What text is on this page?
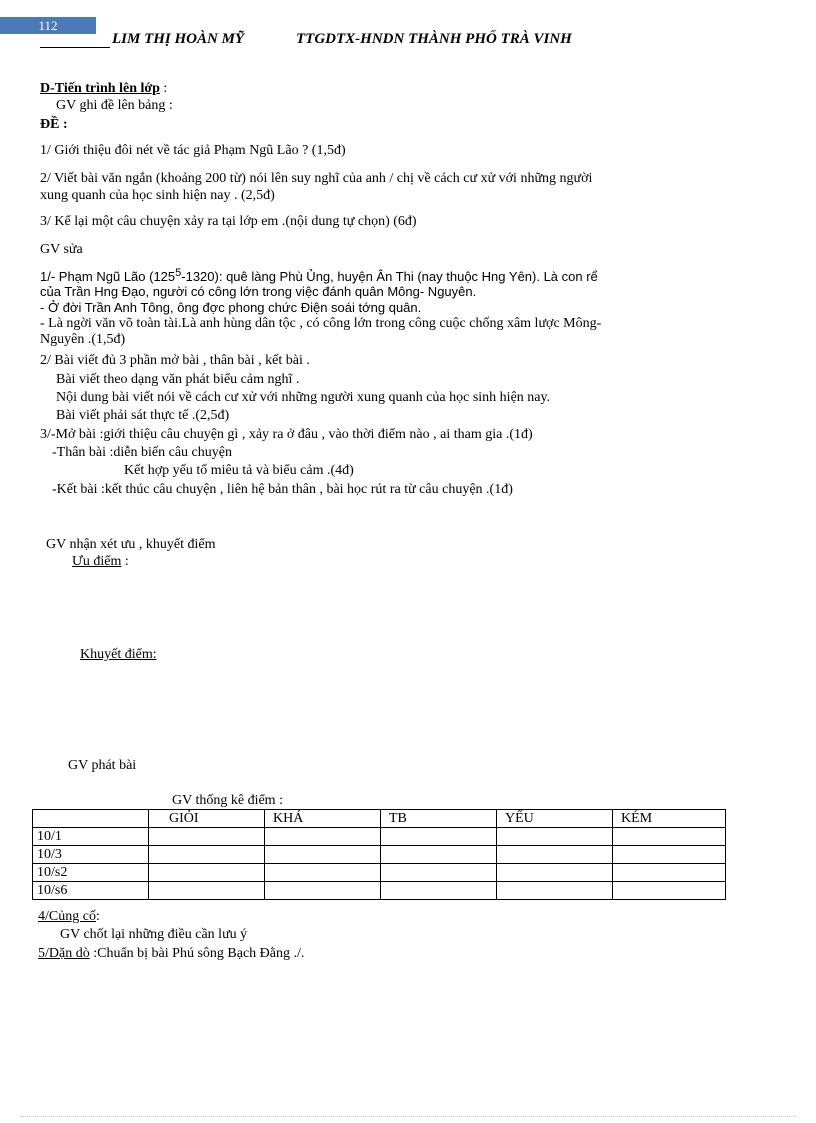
112
LIM THỊ HOÀN MỸ	TTGDTX-HNDN THÀNH PHỐ TRÀ VINH
D-Tiến trình lên lớp :
GV ghi đề lên bảng :
ĐỀ :
1/ Giới thiệu đôi nét về tác giả Phạm Ngũ Lão ? (1,5đ)
2/ Viết bài văn ngắn (khoảng 200 từ) nói lên suy nghĩ của anh / chị về cách cư xử với những người
xung quanh của học sinh hiện nay . (2,5đ)
3/ Kể lại một câu chuyện xảy ra tại lớp em .(nội dung tự chọn) (6đ)
GV sửa
1/- Phạm Ngũ Lão $(125^5-1320)$: quê làng Phù Ủng, huyện Ân Thi (nay thuộc Hng Yên). Là con rể
của Trần Hng Đạo, người có công lớn trong việc đánh quân Mông- Nguyên.
- Ở đời Trần Anh Tông, ông đợc phong chức Điện soái tớng quân.
- Là ngời văn võ toàn tài.Là anh hùng dân tộc , có công lớn trong công cuộc chống xâm lược Mông-
Nguyên .(1,5đ)
2/ Bài viết đủ 3 phần mở bài , thân bài , kết bài .
Bài viết theo dạng văn phát biểu cảm nghĩ .
Nội dung bài viết nói về cách cư xử với những người xung quanh của học sinh hiện nay.
Bài viết phải sát thực tế .(2,5đ)
3/-Mở bài :giới thiệu câu chuyện gì , xảy ra ở đâu , vào thời điểm nào , ai tham gia .(1đ)
-Thân bài :diễn biến câu chuyện
Kết hợp yếu tố miêu tả và biểu cảm .(4đ)
-Kết bài :kết thúc câu chuyện , liên hệ bản thân , bài học rút ra từ câu chuyện .(1đ)
GV nhận xét ưu , khuyết điểm
Ưu điểm :
Khuyết điểm:
GV phát bài
GV thống kê điểm :
	GIỎI	KHÁ	TB	YẾU	KÉM
10/1					
10/3					
10/s2					
10/s6					
4/Củng cố:
GV chốt lại những điều cần lưu ý
5/Dặn dò :Chuẩn bị bài Phú sông Bạch Đằng ./.
